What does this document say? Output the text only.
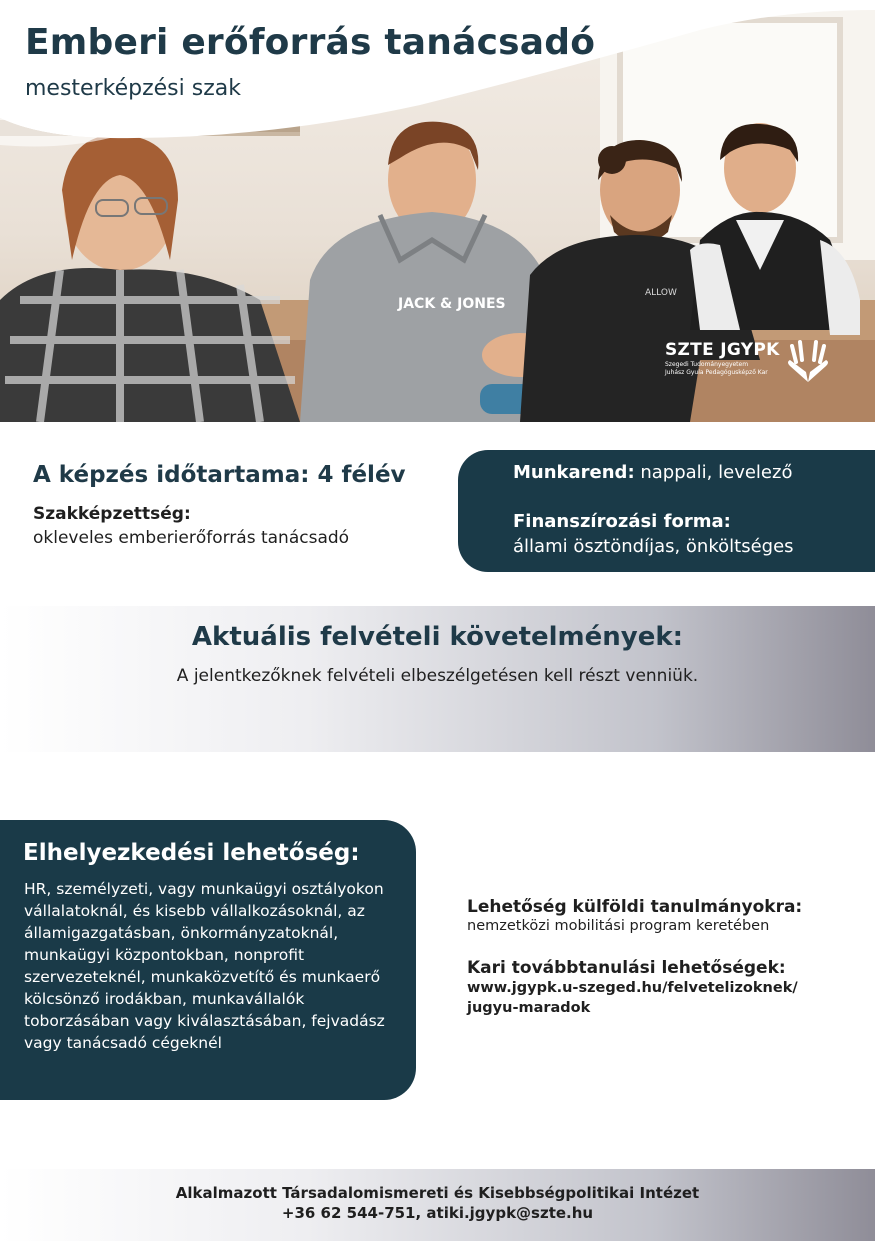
JACK & JONES
ALLOW
Emberi erőforrás tanácsadó
mesterképzési szak
SZTE JGYPK
Szegedi Tudományegyetem
Juhász Gyula Pedagógusképző Kar
A képzés időtartama: 4 félév
Szakképzettség:
okleveles emberierőforrás tanácsadó
Munkarend: nappali, levelező
Finanszírozási forma:
állami ösztöndíjas, önköltséges
Aktuális felvételi követelmények:
A jelentkezőknek felvételi elbeszélgetésen kell részt venniük.
Elhelyezkedési lehetőség:
HR, személyzeti, vagy munkaügyi osztályokon vállalatoknál, és kisebb vállalkozásoknál, az államigazgatásban, önkormányzatoknál, munkaügyi központokban, nonprofit szervezeteknél, munkaközvetítő és munkaerő kölcsönző irodákban, munkavállalók toborzásában vagy kiválasztásában, fejvadász vagy tanácsadó cégeknél
Lehetőség külföldi tanulmányokra:
nemzetközi mobilitási program keretében
Kari továbbtanulási lehetőségek:
www.jgypk.u-szeged.hu/felvetelizoknek/
jugyu-maradok
Alkalmazott Társadalomismereti és Kisebbségpolitikai Intézet
+36 62 544-751, atiki.jgypk@szte.hu
